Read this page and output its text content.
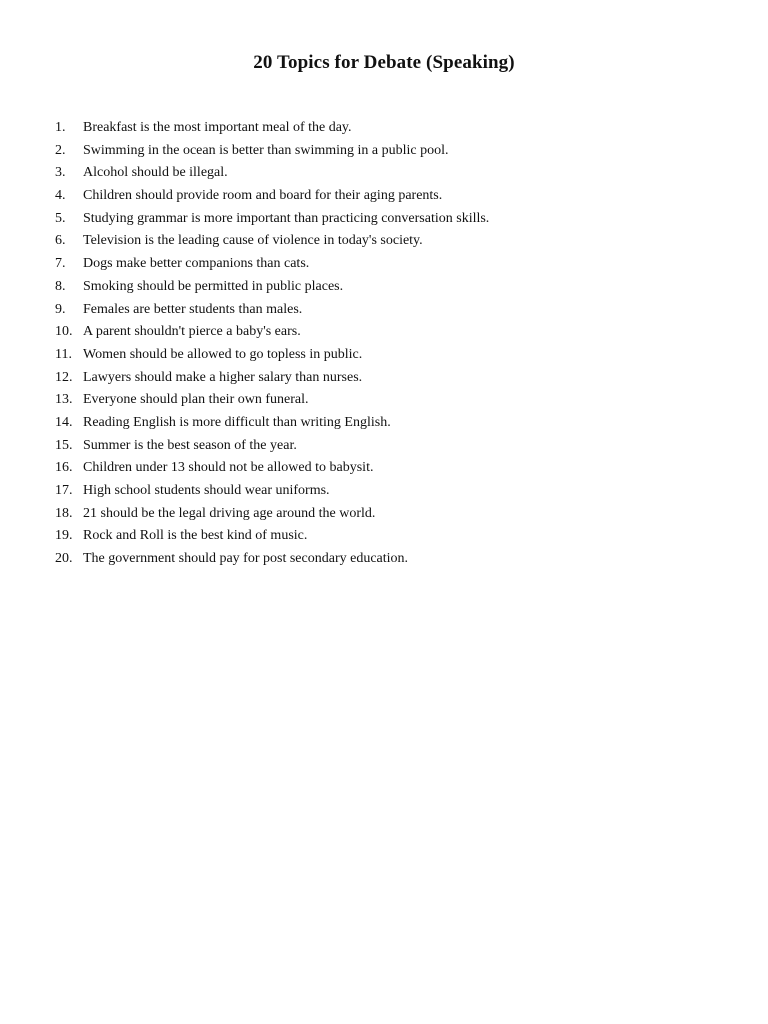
20 Topics for Debate (Speaking)
1.	Breakfast is the most important meal of the day.
2.	Swimming in the ocean is better than swimming in a public pool.
3.	Alcohol should be illegal.
4.	Children should provide room and board for their aging parents.
5.	Studying grammar is more important than practicing conversation skills.
6.	Television is the leading cause of violence in today's society.
7.	Dogs make better companions than cats.
8.	Smoking should be permitted in public places.
9.	Females are better students than males.
10. A parent shouldn't pierce a baby's ears.
11. Women should be allowed to go topless in public.
12. Lawyers should make a higher salary than nurses.
13. Everyone should plan their own funeral.
14. Reading English is more difficult than writing English.
15. Summer is the best season of the year.
16. Children under 13 should not be allowed to babysit.
17. High school students should wear uniforms.
18. 21 should be the legal driving age around the world.
19. Rock and Roll is the best kind of music.
20. The government should pay for post secondary education.
